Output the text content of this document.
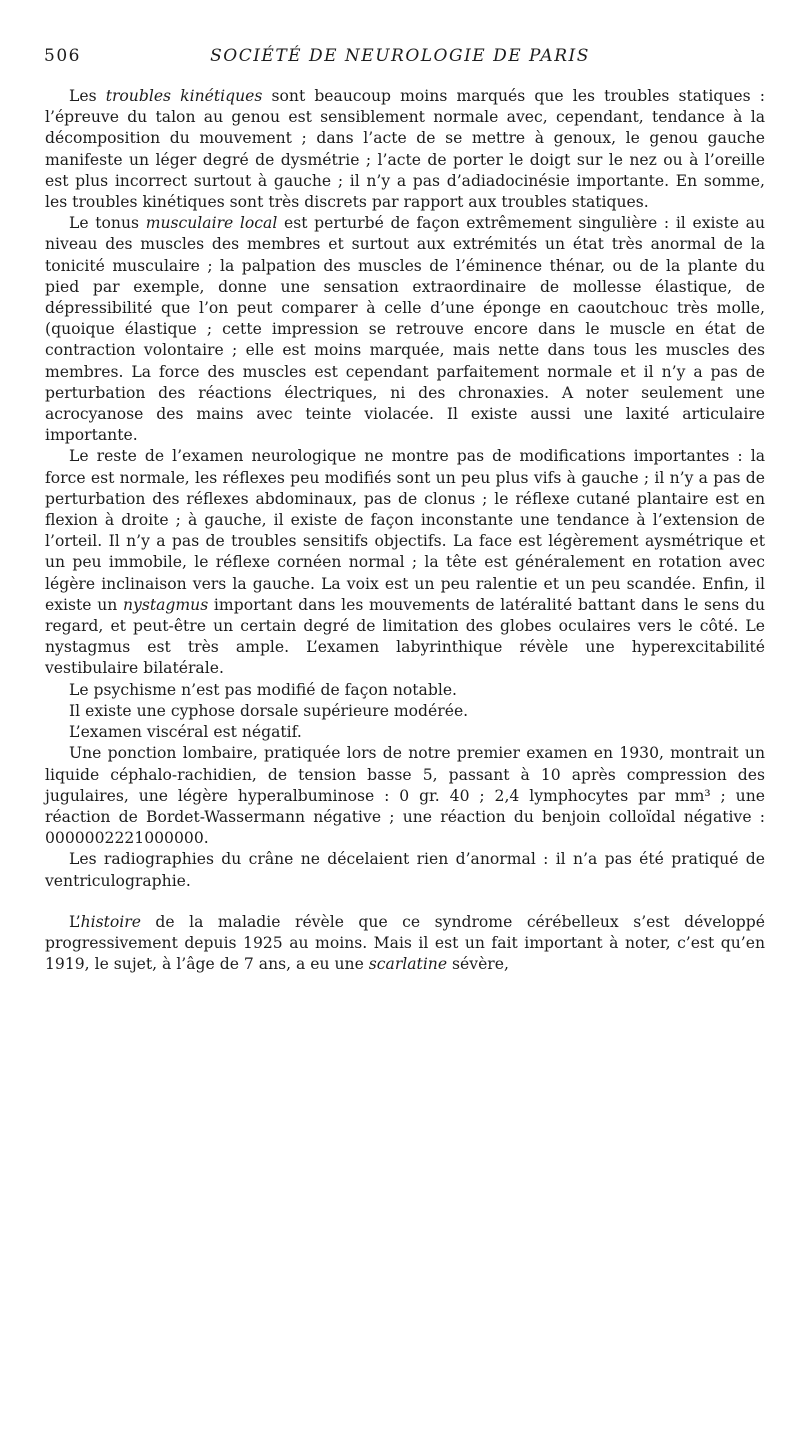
506	SOCIÉTÉ DE NEUROLOGIE DE PARIS

Les troubles kinétiques sont beaucoup moins marqués que les troubles statiques : l’épreuve du talon au genou est sensiblement normale avec, cependant, tendance à la décomposition du mouvement ; dans l’acte de se mettre à genoux, le genou gauche manifeste un léger degré de dysmétrie ; l’acte de porter le doigt sur le nez ou à l’oreille est plus incorrect surtout à gauche ; il n’y a pas d’adiadocinésie importante. En somme, les troubles kinétiques sont très discrets par rapport aux troubles statiques.

Le tonus musculaire local est perturbé de façon extrêmement singulière : il existe au niveau des muscles des membres et surtout aux extrémités un état très anormal de la tonicité musculaire ; la palpation des muscles de l’éminence thénar, ou de la plante du pied par exemple, donne une sensation extraordinaire de mollesse élastique, de dépressibilité que l’on peut comparer à celle d’une éponge en caoutchouc très molle, (quoique élastique ; cette impression se retrouve encore dans le muscle en état de contraction volontaire ; elle est moins marquée, mais nette dans tous les muscles des membres. La force des muscles est cependant parfaitement normale et il n’y a pas de perturbation des réactions électriques, ni des chronaxies. A noter seulement une acrocyanose des mains avec teinte violacée. Il existe aussi une laxité articulaire importante.

Le reste de l’examen neurologique ne montre pas de modifications importantes : la force est normale, les réflexes peu modifiés sont un peu plus vifs à gauche ; il n’y a pas de perturbation des réflexes abdominaux, pas de clonus ; le réflexe cutané plantaire est en flexion à droite ; à gauche, il existe de façon inconstante une tendance à l’extension de l’orteil. Il n’y a pas de troubles sensitifs objectifs. La face est légèrement aysmétrique et un peu immobile, le réflexe cornéen normal ; la tête est généralement en rotation avec légère inclinaison vers la gauche. La voix est un peu ralentie et un peu scandée. Enfin, il existe un nystagmus important dans les mouvements de latéralité battant dans le sens du regard, et peut-être un certain degré de limitation des globes oculaires vers le côté. Le nystagmus est très ample. L’examen labyrinthique révèle une hyperexcitabilité vestibulaire bilatérale.

Le psychisme n’est pas modifié de façon notable.

Il existe une cyphose dorsale supérieure modérée.

L’examen viscéral est négatif.

Une ponction lombaire, pratiquée lors de notre premier examen en 1930, montrait un liquide céphalo-rachidien, de tension basse 5, passant à 10 après compression des jugulaires, une légère hyperalbuminose : 0 gr. 40 ; 2,4 lymphocytes par mm³ ; une réaction de Bordet-Wassermann négative ; une réaction du benjoin colloïdal négative : 0000002221000000.

Les radiographies du crâne ne décelaient rien d’anormal : il n’a pas été pratiqué de ventriculographie.

L’histoire de la maladie révèle que ce syndrome cérébelleux s’est développé progressivement depuis 1925 au moins. Mais il est un fait important à noter, c’est qu’en 1919, le sujet, à l’âge de 7 ans, a eu une scarlatine sévère,
